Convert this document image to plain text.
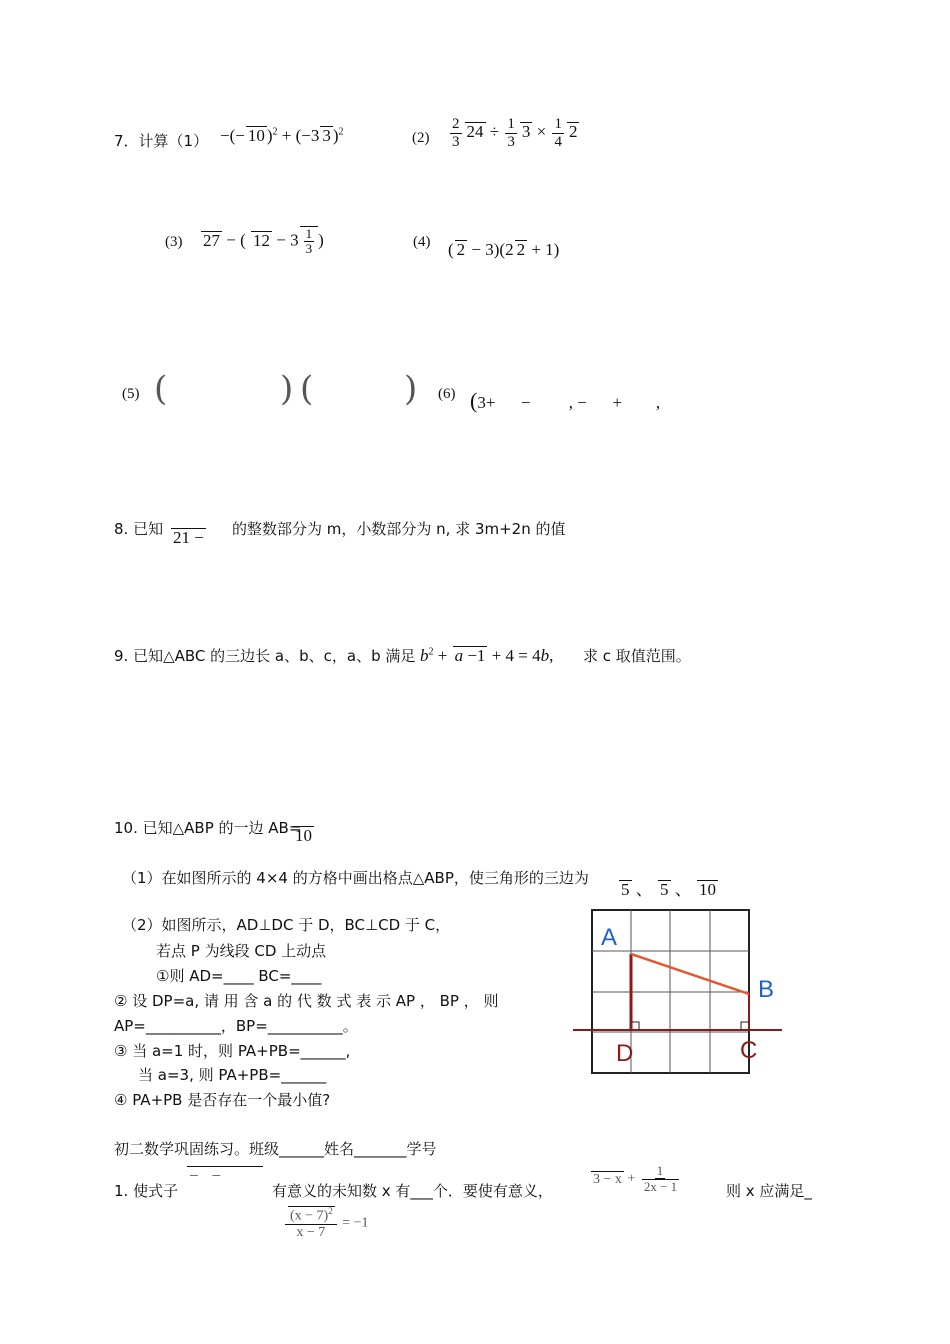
7．计算（1） −(− 10 )$^2$ + (−3 3 )$^2$	$(2) \frac{2}{3} 24 \div \frac{1}{3} 3 \times \frac{1}{4} 2$
(3) 27 − ( $12 - 3 \frac{1}{3}$ )	(4) ( 2 − 3)(2 2 + 1)
(5) (	) (	) (6) (3+      −         , −      +        ,
8. 已知 21 − 的整数部分为 m，小数部分为 n, 求 3m+2n 的值
9. 已知△ABC 的三边长 a、b、c，a、b 满足 $b^2 + a -1 + 4 = 4b$, 求 c 取值范围。
10. 已知△ABP 的一边 AB=
10
（1）在如图所示的 4×4 的方格中画出格点△ABP，使三角形的三边为
5 、 5 、 10
（2）如图所示，AD⊥DC 于 D，BC⊥CD 于 C，
若点 P 为线段 CD 上动点
①则 AD=____ BC=____
② 设 DP=a, 请 用 含 a 的 代 数 式 表 示 AP ， BP ， 则
AP=__________，BP=__________。
③ 当 a=1 时，则 PA+PB=______,
当 a=3, 则 PA+PB=______
④ PA+PB 是否存在一个最小值?
A
B
D	C
初二数学巩固练习。班级______姓名_______学号
1. 使式子
−   −
有意义的未知数 x 有___个．要使有意义，
$3 - x + \frac{1}{2x - 1}$	则 x 应满足_
$\frac{(x - 7)^2}{x - 7} = -1$
